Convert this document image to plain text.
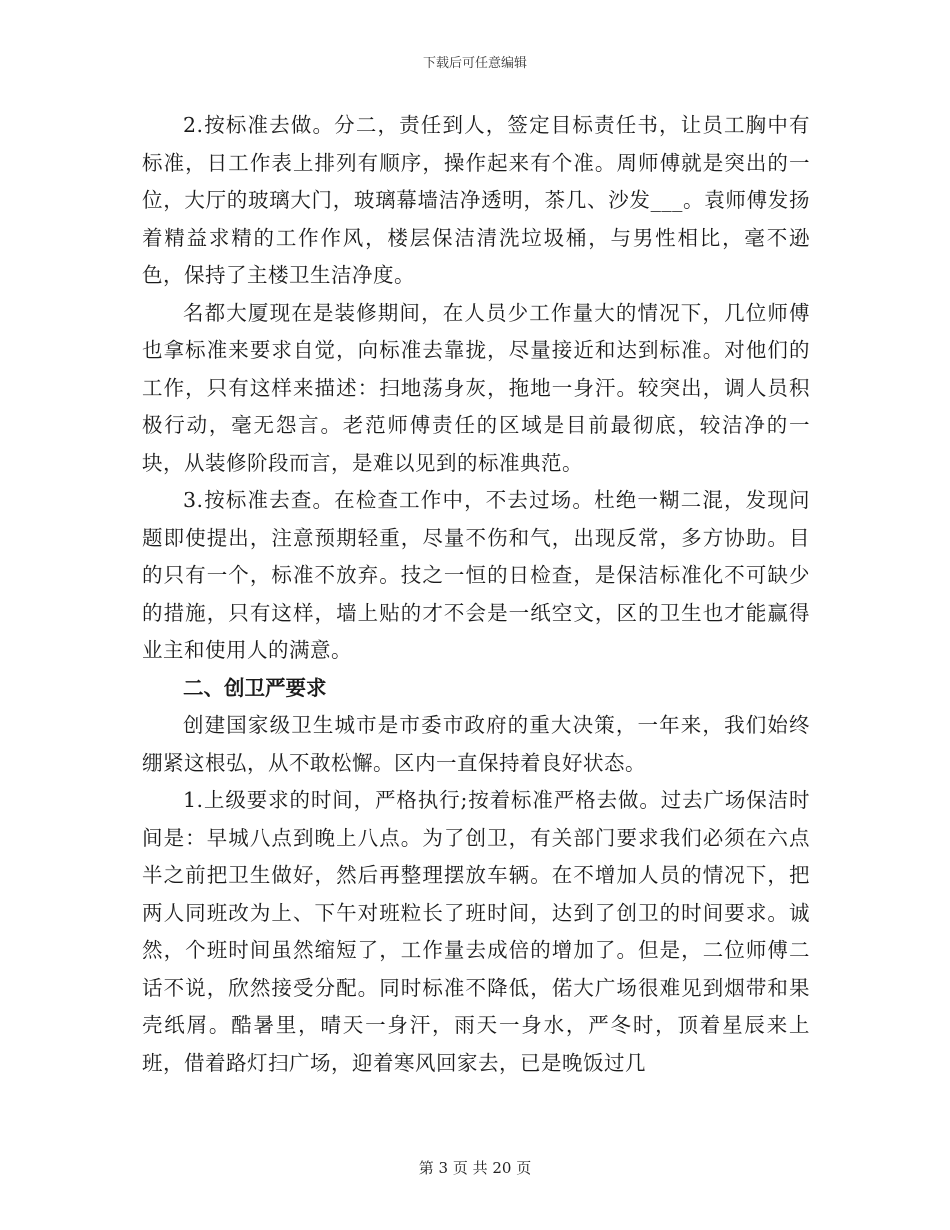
下载后可任意编辑

2.按标准去做。分二，责任到人，签定目标责任书，让员工胸中有标准，日工作表上排列有顺序，操作起来有个准。周师傅就是突出的一位，大厅的玻璃大门，玻璃幕墙洁净透明，茶几、沙发___。袁师傅发扬着精益求精的工作作风，楼层保洁清洗垃圾桶，与男性相比，毫不逊色，保持了主楼卫生洁净度。

名都大厦现在是装修期间，在人员少工作量大的情况下，几位师傅也拿标准来要求自觉，向标准去靠拢，尽量接近和达到标准。对他们的工作，只有这样来描述：扫地荡身灰，拖地一身汗。较突出，调人员积极行动，毫无怨言。老范师傅责任的区域是目前最彻底，较洁净的一块，从装修阶段而言，是难以见到的标准典范。

3.按标准去查。在检查工作中，不去过场。杜绝一糊二混，发现问题即使提出，注意预期轻重，尽量不伤和气，出现反常，多方协助。目的只有一个，标准不放弃。技之一恒的日检查，是保洁标准化不可缺少的措施，只有这样，墙上贴的才不会是一纸空文，区的卫生也才能赢得业主和使用人的满意。

二、创卫严要求

创建国家级卫生城市是市委市政府的重大决策，一年来，我们始终绷紧这根弘，从不敢松懈。区内一直保持着良好状态。

1.上级要求的时间，严格执行;按着标准严格去做。过去广场保洁时间是：早城八点到晚上八点。为了创卫，有关部门要求我们必须在六点半之前把卫生做好，然后再整理摆放车辆。在不增加人员的情况下，把两人同班改为上、下午对班粒长了班时间，达到了创卫的时间要求。诚然，个班时间虽然缩短了，工作量去成倍的增加了。但是，二位师傅二话不说，欣然接受分配。同时标准不降低，偌大广场很难见到烟带和果壳纸屑。酷暑里，晴天一身汗，雨天一身水，严冬时，顶着星辰来上班，借着路灯扫广场，迎着寒风回家去，已是晚饭过几

第 3 页 共 20 页
